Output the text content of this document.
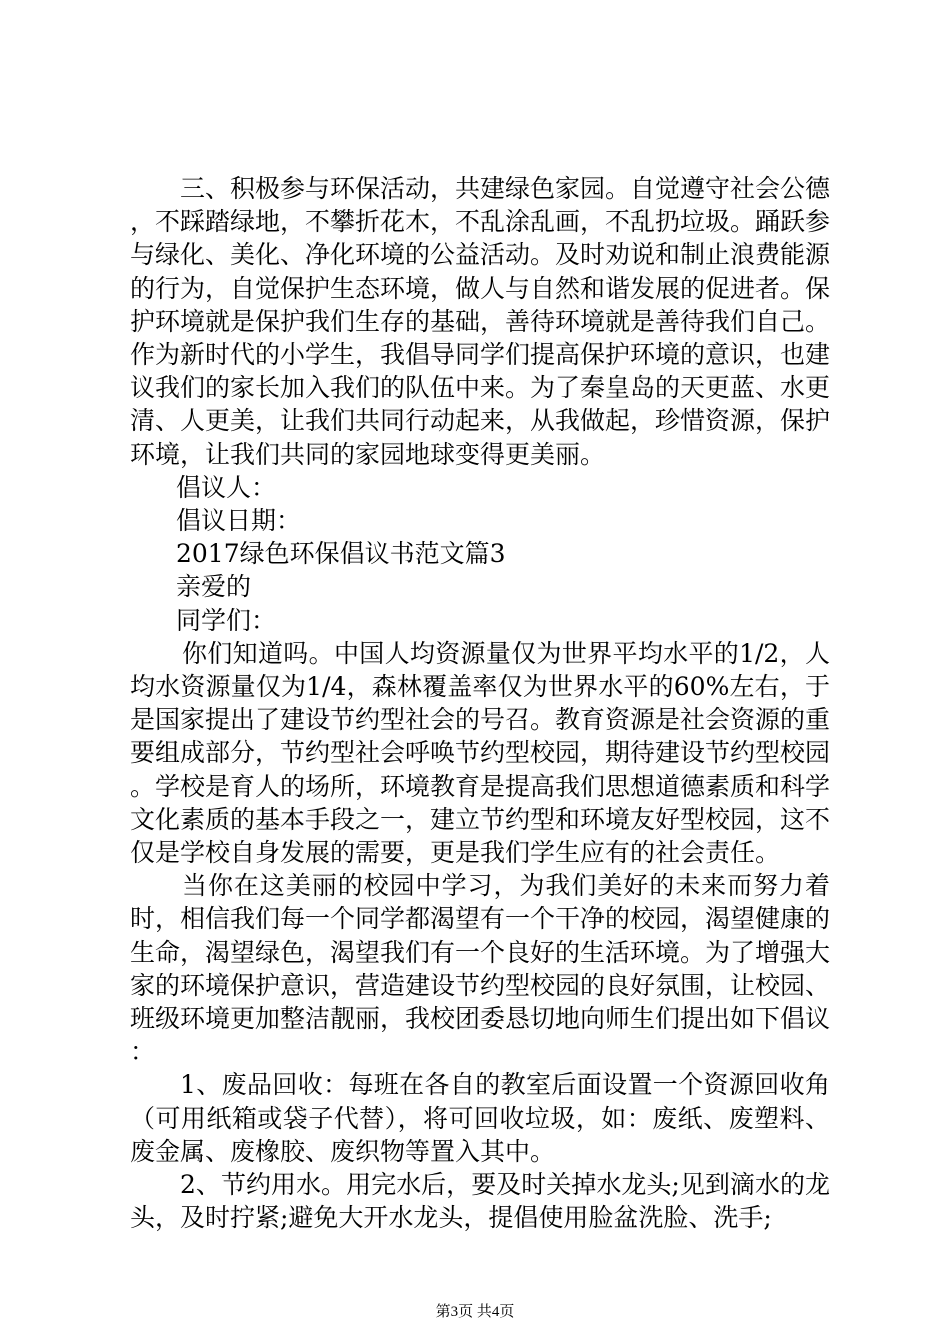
三、积极参与环保活动，共建绿色家园。自觉遵守社会公德，不踩踏绿地，不攀折花木，不乱涂乱画，不乱扔垃圾。踊跃参与绿化、美化、净化环境的公益活动。及时劝说和制止浪费能源的行为，自觉保护生态环境，做人与自然和谐发展的促进者。保护环境就是保护我们生存的基础，善待环境就是善待我们自己。作为新时代的小学生，我倡导同学们提高保护环境的意识，也建议我们的家长加入我们的队伍中来。为了秦皇岛的天更蓝、水更清、人更美，让我们共同行动起来，从我做起，珍惜资源，保护环境，让我们共同的家园地球变得更美丽。

倡议人：

倡议日期：

2017绿色环保倡议书范文篇3

亲爱的

同学们：

你们知道吗。中国人均资源量仅为世界平均水平的1/2，人均水资源量仅为1/4，森林覆盖率仅为世界水平的60%左右，于是国家提出了建设节约型社会的号召。教育资源是社会资源的重要组成部分，节约型社会呼唤节约型校园，期待建设节约型校园。学校是育人的场所，环境教育是提高我们思想道德素质和科学文化素质的基本手段之一，建立节约型和环境友好型校园，这不仅是学校自身发展的需要，更是我们学生应有的社会责任。

当你在这美丽的校园中学习，为我们美好的未来而努力着时，相信我们每一个同学都渴望有一个干净的校园，渴望健康的生命，渴望绿色，渴望我们有一个良好的生活环境。为了增强大家的环境保护意识，营造建设节约型校园的良好氛围，让校园、班级环境更加整洁靓丽，我校团委恳切地向师生们提出如下倡议：

1、废品回收：每班在各自的教室后面设置一个资源回收角（可用纸箱或袋子代替），将可回收垃圾，如：废纸、废塑料、废金属、废橡胶、废织物等置入其中。

2、节约用水。用完水后，要及时关掉水龙头;见到滴水的龙头，及时拧紧;避免大开水龙头，提倡使用脸盆洗脸、洗手;

第3页 共4页
